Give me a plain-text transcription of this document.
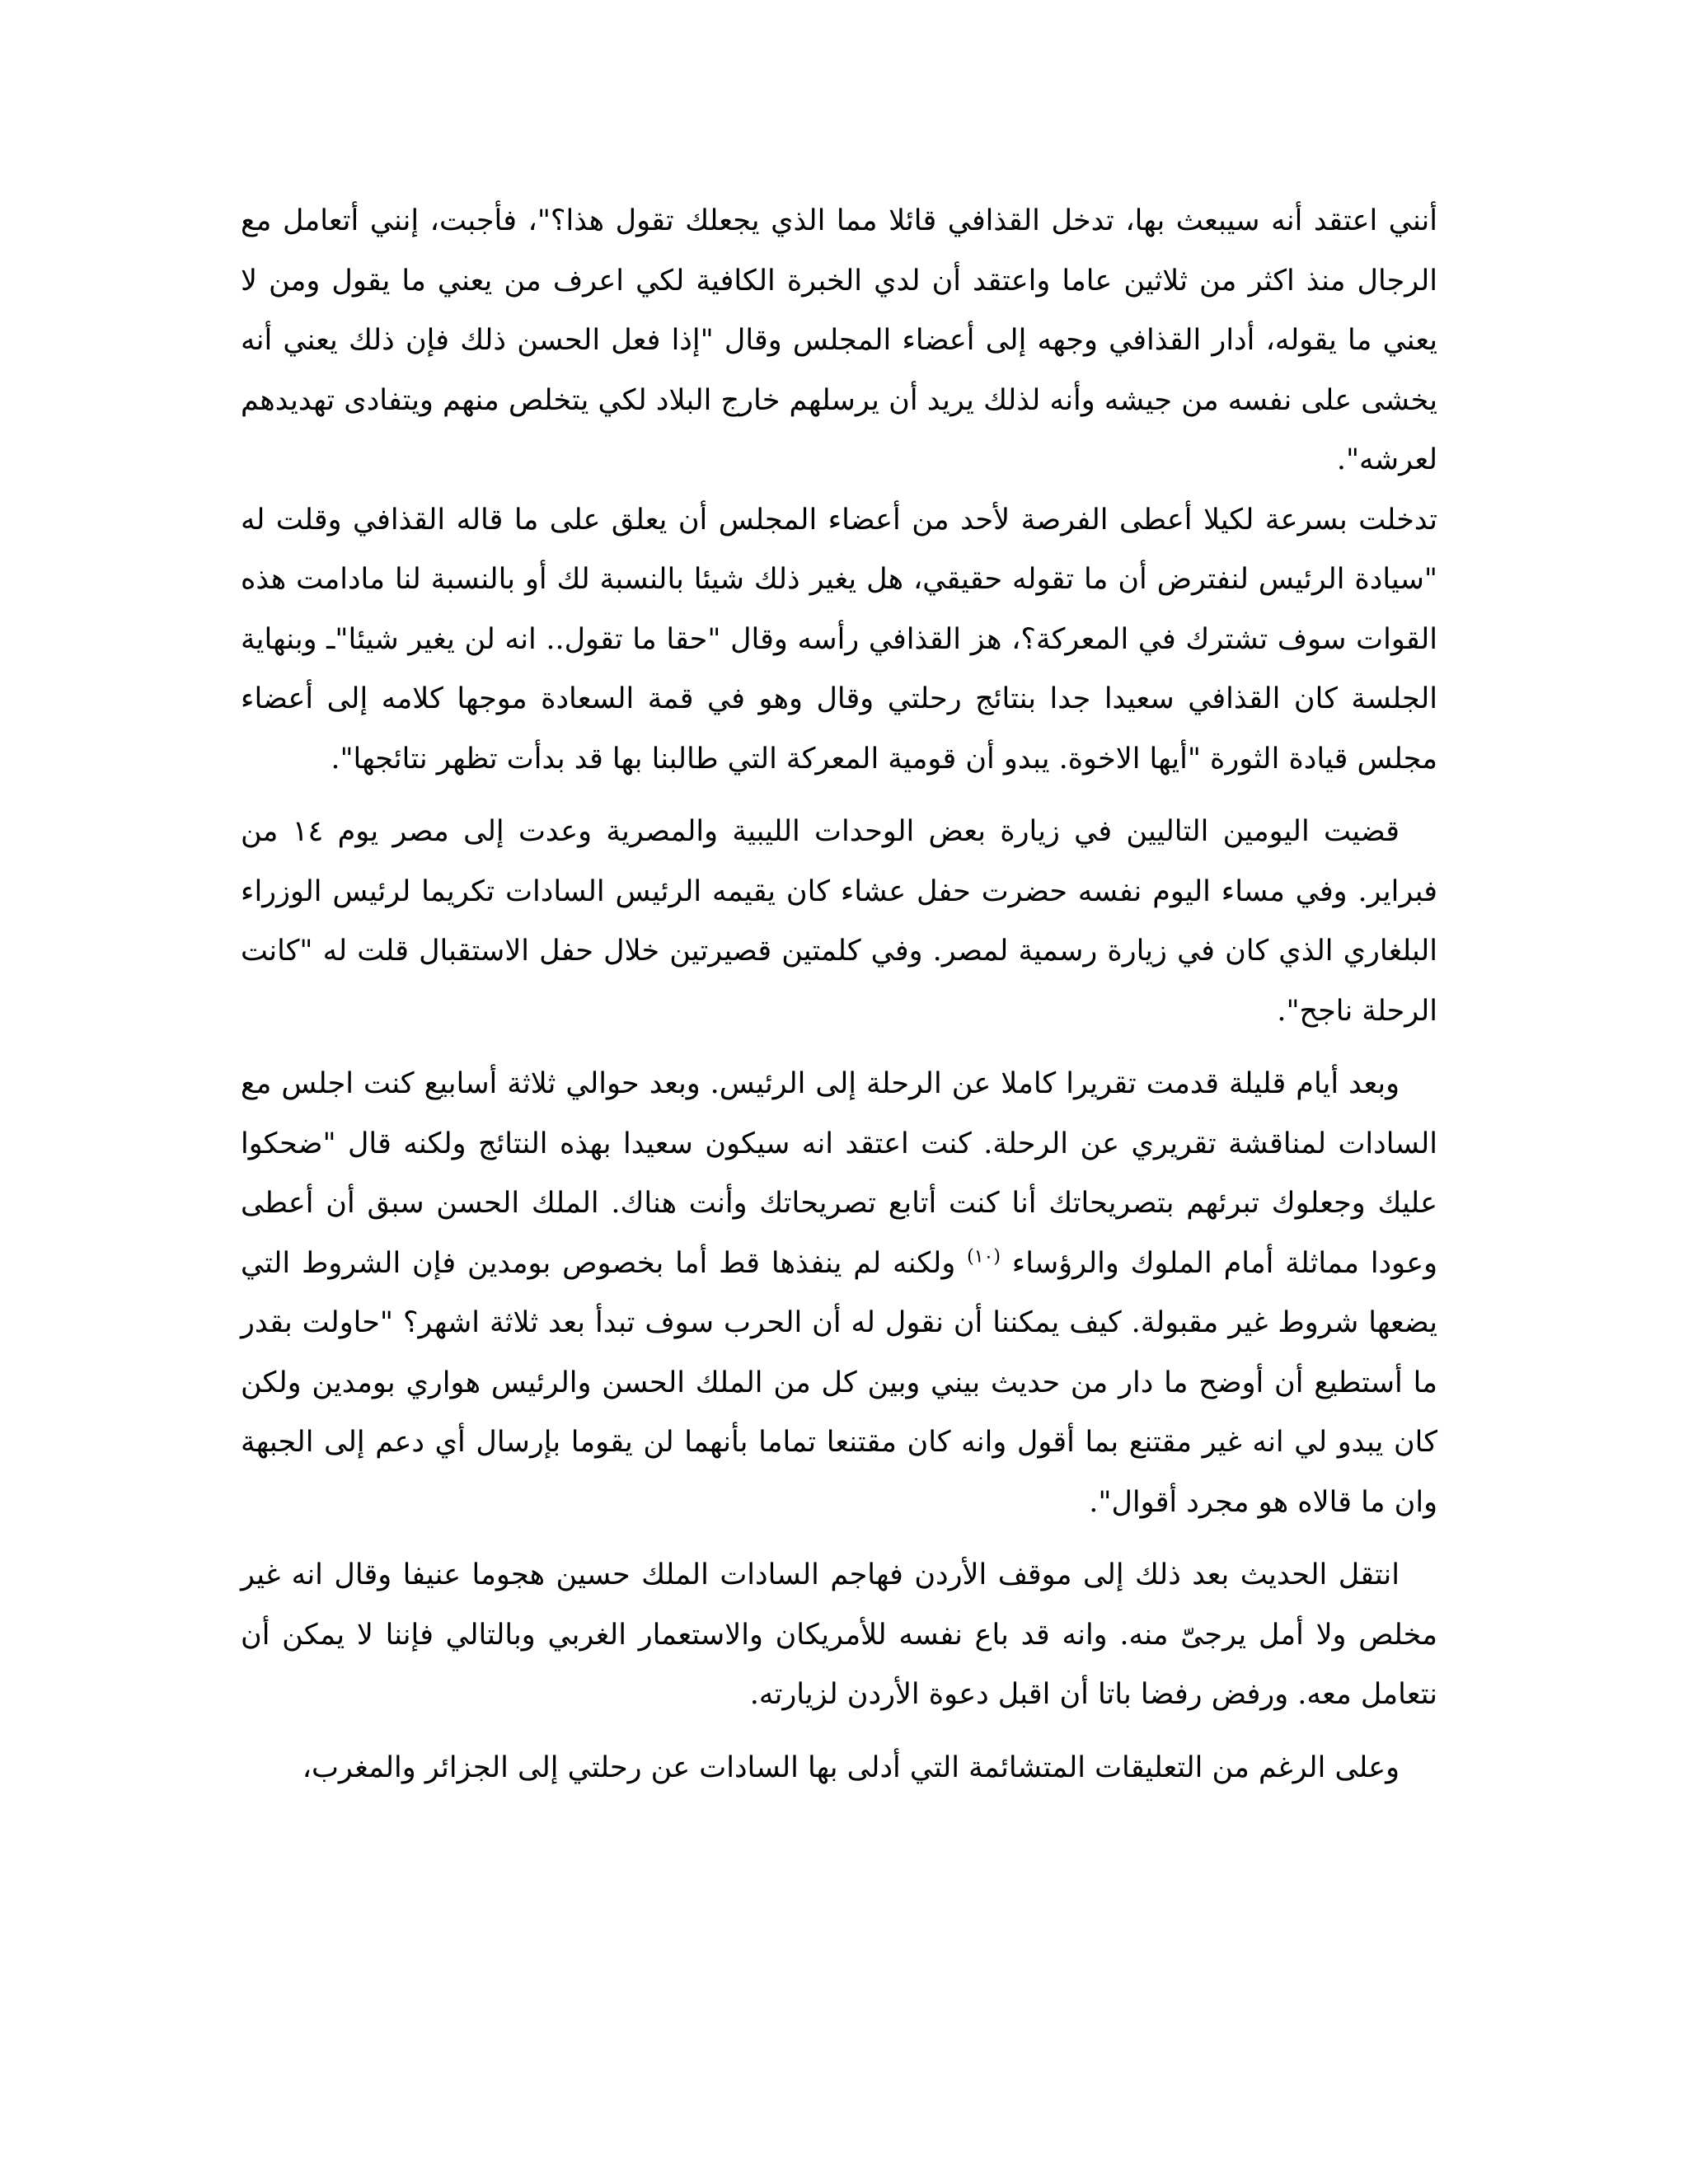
أنني اعتقد أنه سيبعث بها، تدخل القذافي قائلا مما الذي يجعلك تقول هذا؟"، فأجبت، إنني أتعامل مع الرجال منذ اكثر من ثلاثين عاما واعتقد أن لدي الخبرة الكافية لكي اعرف من يعني ما يقول ومن لا يعني ما يقوله، أدار القذافي وجهه إلى أعضاء المجلس وقال "إذا فعل الحسن ذلك فإن ذلك يعني أنه يخشى على نفسه من جيشه وأنه لذلك يريد أن يرسلهم خارج البلاد لكي يتخلص منهم ويتفادى تهديدهم لعرشه".

تدخلت بسرعة لكيلا أعطى الفرصة لأحد من أعضاء المجلس أن يعلق على ما قاله القذافي وقلت له "سيادة الرئيس لنفترض أن ما تقوله حقيقي، هل يغير ذلك شيئا بالنسبة لك أو بالنسبة لنا مادامت هذه القوات سوف تشترك في المعركة؟، هز القذافي رأسه وقال "حقا ما تقول.. انه لن يغير شيئا"ـ وبنهاية الجلسة كان القذافي سعيدا جدا بنتائج رحلتي وقال وهو في قمة السعادة موجها كلامه إلى أعضاء مجلس قيادة الثورة "أيها الاخوة. يبدو أن قومية المعركة التي طالبنا بها قد بدأت تظهر نتائجها".

قضيت اليومين التاليين في زيارة بعض الوحدات الليبية والمصرية وعدت إلى مصر يوم ١٤ من فبراير. وفي مساء اليوم نفسه حضرت حفل عشاء كان يقيمه الرئيس السادات تكريما لرئيس الوزراء البلغاري الذي كان في زيارة رسمية لمصر. وفي كلمتين قصيرتين خلال حفل الاستقبال قلت له "كانت الرحلة ناجح".

وبعد أيام قليلة قدمت تقريرا كاملا عن الرحلة إلى الرئيس. وبعد حوالي ثلاثة أسابيع كنت اجلس مع السادات لمناقشة تقريري عن الرحلة. كنت اعتقد انه سيكون سعيدا بهذه النتائج ولكنه قال "ضحكوا عليك وجعلوك تبرئهم بتصريحاتك أنا كنت أتابع تصريحاتك وأنت هناك. الملك الحسن سبق أن أعطى وعودا مماثلة أمام الملوك والرؤساء $^{(١٠)}$ ولكنه لم ينفذها قط أما بخصوص بومدين فإن الشروط التي يضعها شروط غير مقبولة. كيف يمكننا أن نقول له أن الحرب سوف تبدأ بعد ثلاثة اشهر؟ "حاولت بقدر ما أستطيع أن أوضح ما دار من حديث بيني وبين كل من الملك الحسن والرئيس هواري بومدين ولكن كان يبدو لي انه غير مقتنع بما أقول وانه كان مقتنعا تماما بأنهما لن يقوما بإرسال أي دعم إلى الجبهة وان ما قالاه هو مجرد أقوال".

انتقل الحديث بعد ذلك إلى موقف الأردن فهاجم السادات الملك حسين هجوما عنيفا وقال انه غير مخلص ولا أمل يرجىّ منه. وانه قد باع نفسه للأمريكان والاستعمار الغربي وبالتالي فإننا لا يمكن أن نتعامل معه. ورفض رفضا باتا أن اقبل دعوة الأردن لزيارته.

وعلى الرغم من التعليقات المتشائمة التي أدلى بها السادات عن رحلتي إلى الجزائر والمغرب،
